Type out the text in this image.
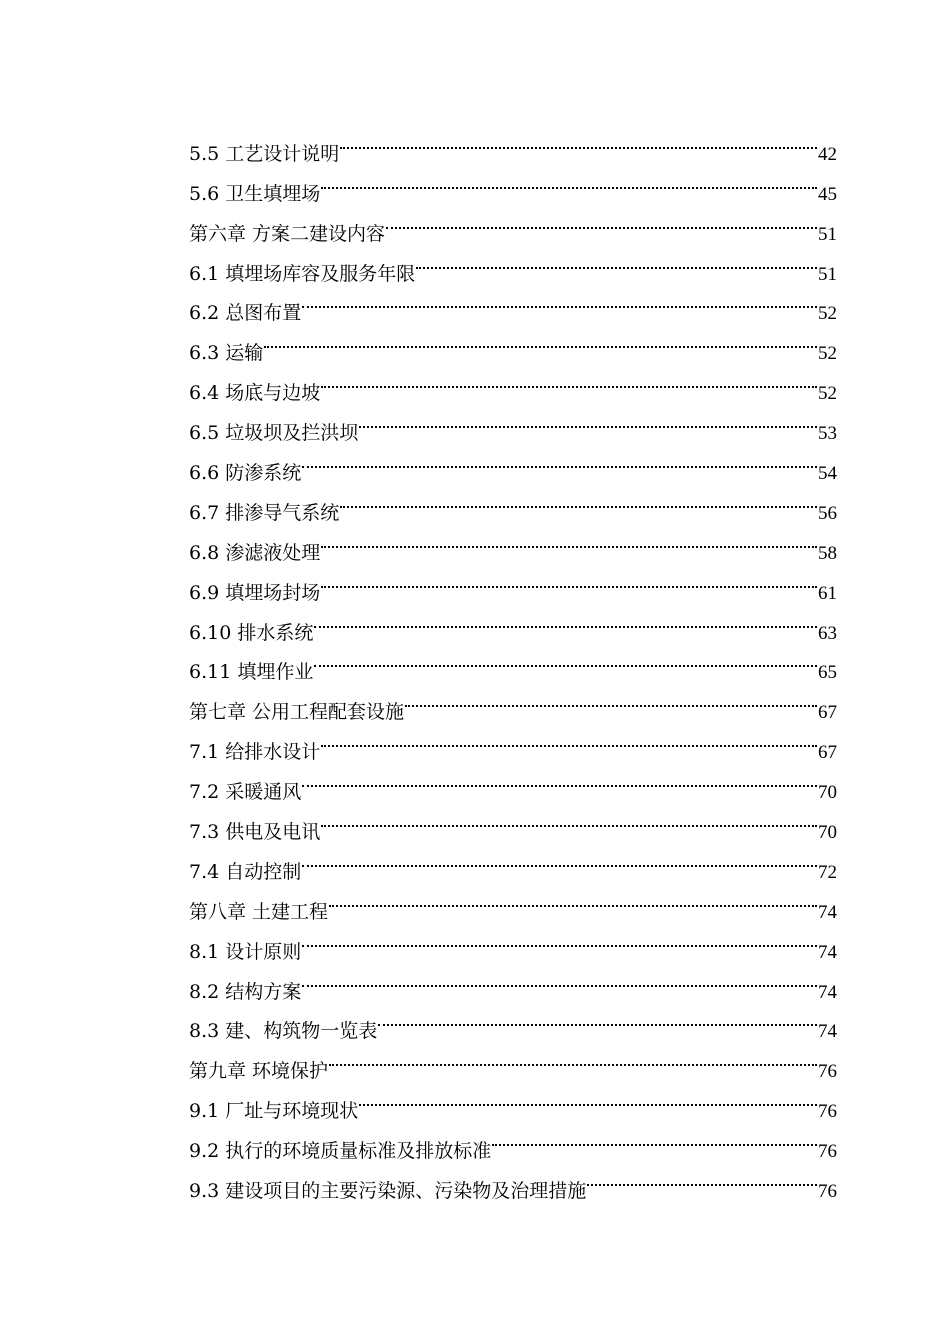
5.5 工艺设计说明	42
5.6 卫生填埋场	45
第六章 方案二建设内容	51
6.1 填埋场库容及服务年限	51
6.2 总图布置	52
6.3 运输	52
6.4 场底与边坡	52
6.5 垃圾坝及拦洪坝	53
6.6 防渗系统	54
6.7 排渗导气系统	56
6.8 渗滤液处理	58
6.9 填埋场封场	61
6.10 排水系统	63
6.11 填埋作业	65
第七章 公用工程配套设施	67
7.1 给排水设计	67
7.2 采暖通风	70
7.3 供电及电讯	70
7.4 自动控制	72
第八章 土建工程	74
8.1 设计原则	74
8.2 结构方案	74
8.3 建、构筑物一览表	74
第九章 环境保护	76
9.1 厂址与环境现状	76
9.2 执行的环境质量标准及排放标准	76
9.3 建设项目的主要污染源、污染物及治理措施	76
